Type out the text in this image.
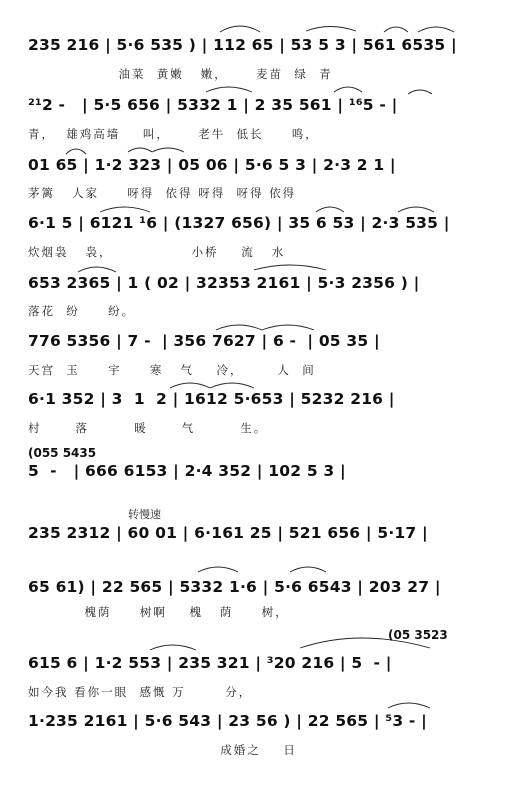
235 216 | 5·6 535 ) | 112 65 | 53 5 3 | 561 6535 |
油菜  黄嫩   嫩，     麦苗  绿  青
²¹2 -   | 5·5 656 | 5332 1 | 2 35 561 | ¹⁶5 - |
青，  雄鸡高墙    叫，     老牛  低长     鸣，
01 65 | 1·2 323 | 05 06 | 5·6 5 3 | 2·3 2 1 |
茅篱   人家     呀得  依得 呀得  呀得 依得
6·1 5 | 6121 ¹6 | (1327 656) | 35 6 53 | 2·3 535 |
炊烟袅   袅，              小桥    流   水
653 2365 | 1 ( 02 | 32353 2161 | 5·3 2356 ) |
落花  纷     纷。
776 5356 | 7 -  | 356 7627 | 6 -  | 05 35 |
天宫  玉     宇     寒   气    冷，      人  间
6·1 352 | 3  1  2 | 1612 5·653 | 5232 216 |
村      落        暖      气        生。
(055 5435
5  -   | 666 6153 | 2·4 352 | 102 5 3 |
转慢速
235 2312 | 60 01 | 6·161 25 | 521 656 | 5·17 |
65 61) | 22 565 | 5332 1·6 | 5·6 6543 | 203 27 |
槐荫     树啊    槐   荫     树，
(05 3523
615 6 | 1·2 553 | 235 321 | ³20 216 | 5  - |
如今我 看你一眼  感慨 万       分，
1·235 2161 | 5·6 543 | 23 56 ) | 22 565 | ⁵3 - |
成婚之    日
